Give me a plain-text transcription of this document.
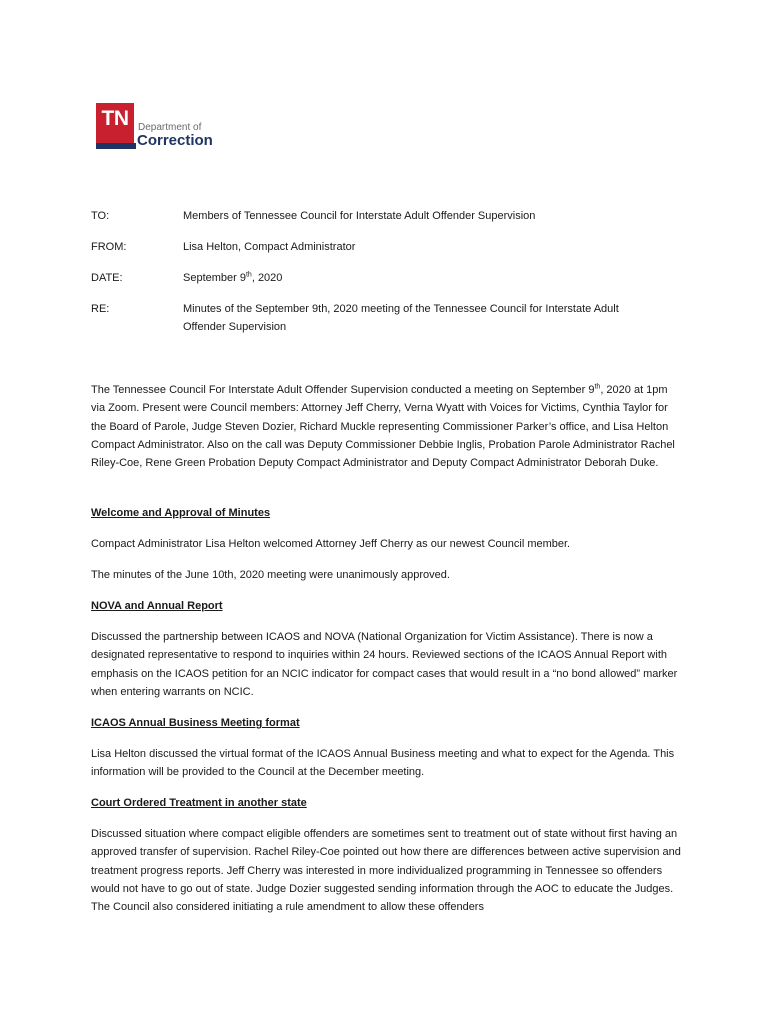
TN Department of
Correction
TO:	Members of Tennessee Council for Interstate Adult Offender Supervision
FROM:	Lisa Helton, Compact Administrator
DATE:	September 9th, 2020
RE:	Minutes of the September 9th, 2020 meeting of the Tennessee Council for Interstate Adult Offender Supervision
The Tennessee Council For Interstate Adult Offender Supervision conducted a meeting on September 9th, 2020 at 1pm via Zoom. Present were Council members: Attorney Jeff Cherry, Verna Wyatt with Voices for Victims, Cynthia Taylor for the Board of Parole, Judge Steven Dozier, Richard Muckle representing Commissioner Parker’s office, and Lisa Helton Compact Administrator. Also on the call was Deputy Commissioner Debbie Inglis, Probation Parole Administrator Rachel Riley-Coe, Rene Green Probation Deputy Compact Administrator and Deputy Compact Administrator Deborah Duke.
Welcome and Approval of Minutes
Compact Administrator Lisa Helton welcomed Attorney Jeff Cherry as our newest Council member.
The minutes of the June 10th, 2020 meeting were unanimously approved.
NOVA and Annual Report
Discussed the partnership between ICAOS and NOVA (National Organization for Victim Assistance). There is now a designated representative to respond to inquiries within 24 hours. Reviewed sections of the ICAOS Annual Report with emphasis on the ICAOS petition for an NCIC indicator for compact cases that would result in a “no bond allowed” marker when entering warrants on NCIC.
ICAOS Annual Business Meeting format
Lisa Helton discussed the virtual format of the ICAOS Annual Business meeting and what to expect for the Agenda. This information will be provided to the Council at the December meeting.
Court Ordered Treatment in another state
Discussed situation where compact eligible offenders are sometimes sent to treatment out of state without first having an approved transfer of supervision. Rachel Riley-Coe pointed out how there are differences between active supervision and treatment progress reports. Jeff Cherry was interested in more individualized programming in Tennessee so offenders would not have to go out of state. Judge Dozier suggested sending information through the AOC to educate the Judges. The Council also considered initiating a rule amendment to allow these offenders
